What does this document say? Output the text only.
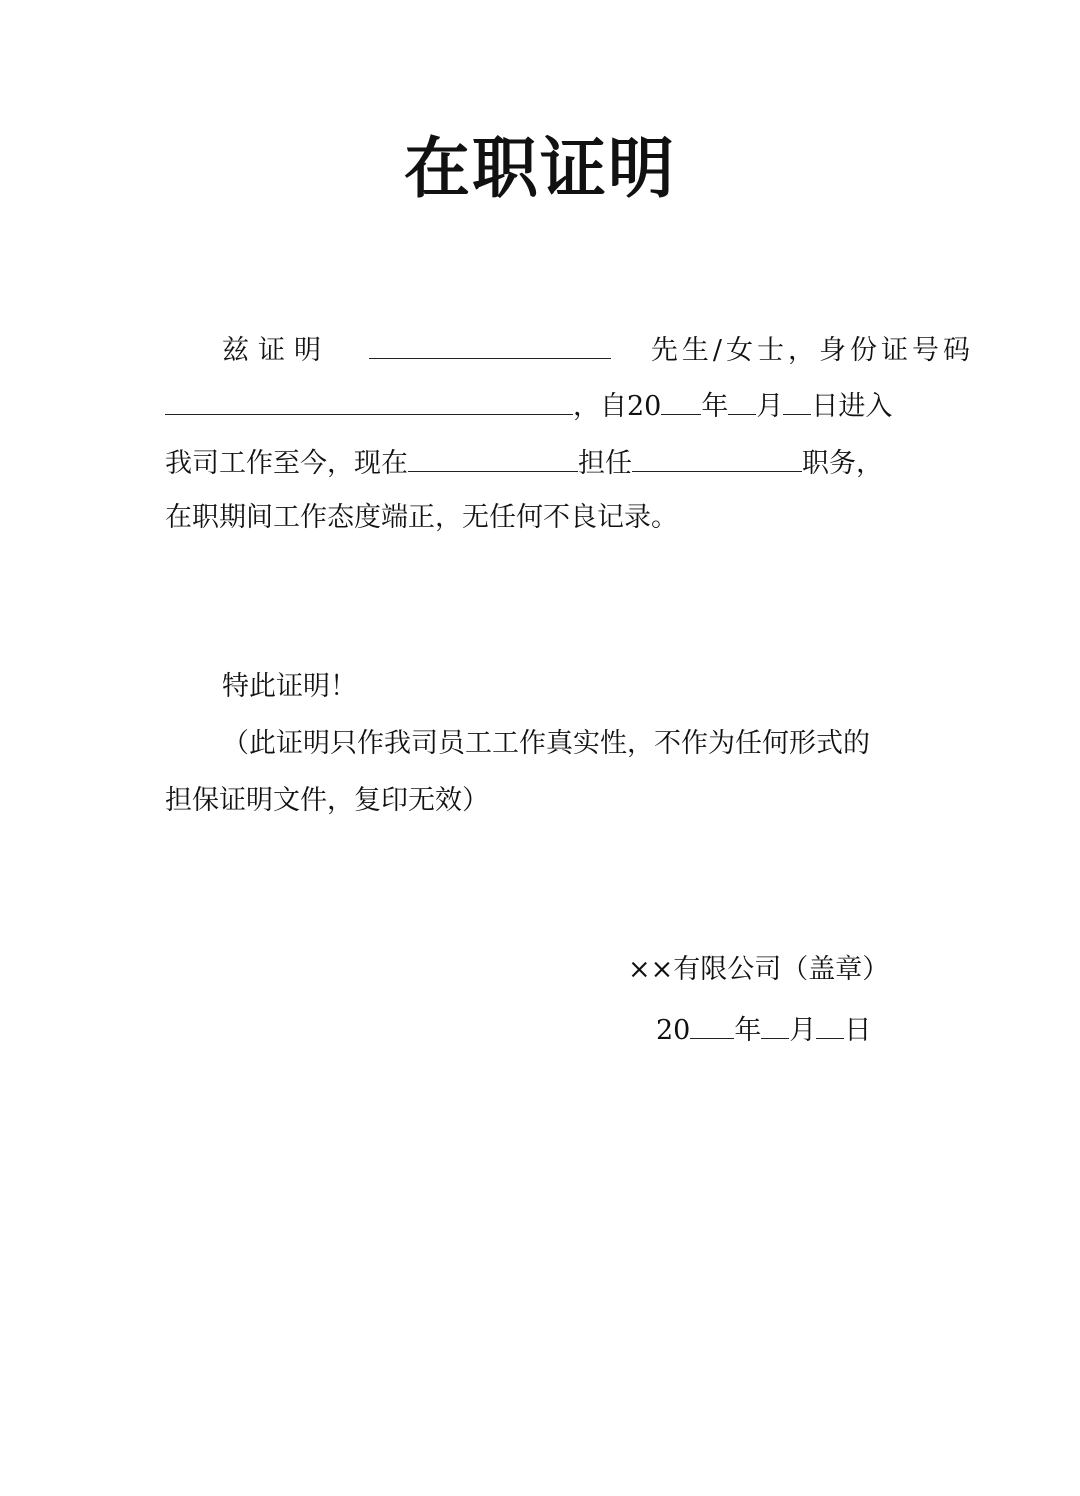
在职证明
兹证明	先生/女士，身份证号码
，自20 年 月 日进入
我司工作至今，现在	担任	职务，
在职期间工作态度端正，无任何不良记录。
特此证明！
（此证明只作我司员工工作真实性，不作为任何形式的
担保证明文件，复印无效）
××有限公司（盖章）
20 年 月 日
